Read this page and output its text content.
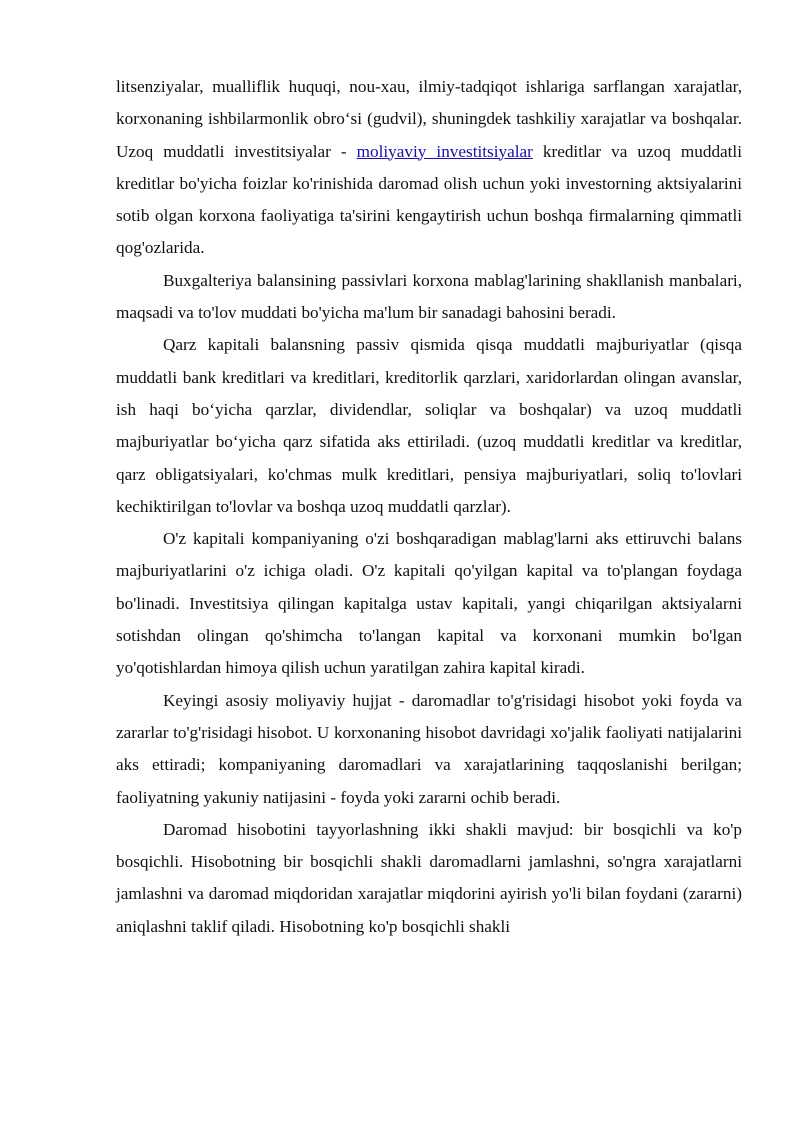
litsenziyalar, mualliflik huquqi, nou-xau, ilmiy-tadqiqot ishlariga sarflangan xarajatlar, korxonaning ishbilarmonlik obro‘si (gudvil), shuningdek tashkiliy xarajatlar va boshqalar. Uzoq muddatli investitsiyalar - moliyaviy investitsiyalar kreditlar va uzoq muddatli kreditlar bo'yicha foizlar ko'rinishida daromad olish uchun yoki investorning aktsiyalarini sotib olgan korxona faoliyatiga ta'sirini kengaytirish uchun boshqa firmalarning qimmatli qog'ozlarida.

Buxgalteriya balansining passivlari korxona mablag'larining shakllanish manbalari, maqsadi va to'lov muddati bo'yicha ma'lum bir sanadagi bahosini beradi.

Qarz kapitali balansning passiv qismida qisqa muddatli majburiyatlar (qisqa muddatli bank kreditlari va kreditlari, kreditorlik qarzlari, xaridorlardan olingan avanslar, ish haqi bo‘yicha qarzlar, dividendlar, soliqlar va boshqalar) va uzoq muddatli majburiyatlar bo‘yicha qarz sifatida aks ettiriladi. (uzoq muddatli kreditlar va kreditlar, qarz obligatsiyalari, ko'chmas mulk kreditlari, pensiya majburiyatlari, soliq to'lovlari kechiktirilgan to'lovlar va boshqa uzoq muddatli qarzlar).

O'z kapitali kompaniyaning o'zi boshqaradigan mablag'larni aks ettiruvchi balans majburiyatlarini o'z ichiga oladi. O'z kapitali qo'yilgan kapital va to'plangan foydaga bo'linadi. Investitsiya qilingan kapitalga ustav kapitali, yangi chiqarilgan aktsiyalarni sotishdan olingan qo'shimcha to'langan kapital va korxonani mumkin bo'lgan yo'qotishlardan himoya qilish uchun yaratilgan zahira kapital kiradi.

Keyingi asosiy moliyaviy hujjat - daromadlar to'g'risidagi hisobot yoki foyda va zararlar to'g'risidagi hisobot. U korxonaning hisobot davridagi xo'jalik faoliyati natijalarini aks ettiradi; kompaniyaning daromadlari va xarajatlarining taqqoslanishi berilgan; faoliyatning yakuniy natijasini - foyda yoki zararni ochib beradi.

Daromad hisobotini tayyorlashning ikki shakli mavjud: bir bosqichli va ko'p bosqichli. Hisobotning bir bosqichli shakli daromadlarni jamlashni, so'ngra xarajatlarni jamlashni va daromad miqdoridan xarajatlar miqdorini ayirish yo'li bilan foydani (zararni) aniqlashni taklif qiladi. Hisobotning ko'p bosqichli shakli
